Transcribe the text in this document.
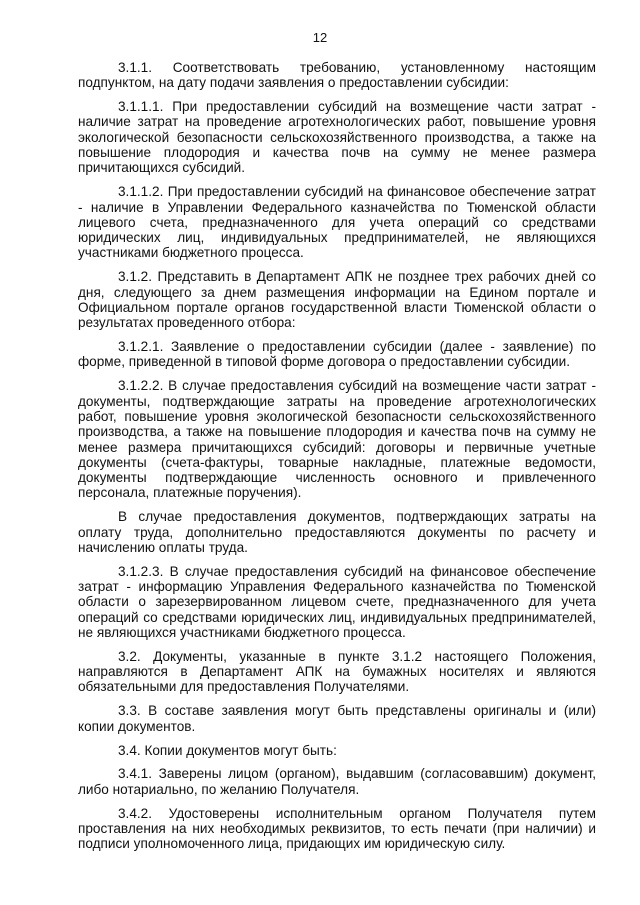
12

3.1.1. Соответствовать требованию, установленному настоящим подпунктом, на дату подачи заявления о предоставлении субсидии:

3.1.1.1. При предоставлении субсидий на возмещение части затрат - наличие затрат на проведение агротехнологических работ, повышение уровня экологической безопасности сельскохозяйственного производства, а также на повышение плодородия и качества почв на сумму не менее размера причитающихся субсидий.

3.1.1.2. При предоставлении субсидий на финансовое обеспечение затрат - наличие в Управлении Федерального казначейства по Тюменской области лицевого счета, предназначенного для учета операций со средствами юридических лиц, индивидуальных предпринимателей, не являющихся участниками бюджетного процесса.

3.1.2. Представить в Департамент АПК не позднее трех рабочих дней со дня, следующего за днем размещения информации на Едином портале и Официальном портале органов государственной власти Тюменской области о результатах проведенного отбора:

3.1.2.1. Заявление о предоставлении субсидии (далее - заявление) по форме, приведенной в типовой форме договора о предоставлении субсидии.

3.1.2.2. В случае предоставления субсидий на возмещение части затрат - документы, подтверждающие затраты на проведение агротехнологических работ, повышение уровня экологической безопасности сельскохозяйственного производства, а также на повышение плодородия и качества почв на сумму не менее размера причитающихся субсидий: договоры и первичные учетные документы (счета-фактуры, товарные накладные, платежные ведомости, документы подтверждающие численность основного и привлеченного персонала, платежные поручения).

В случае предоставления документов, подтверждающих затраты на оплату труда, дополнительно предоставляются документы по расчету и начислению оплаты труда.

3.1.2.3. В случае предоставления субсидий на финансовое обеспечение затрат - информацию Управления Федерального казначейства по Тюменской области о зарезервированном лицевом счете, предназначенного для учета операций со средствами юридических лиц, индивидуальных предпринимателей, не являющихся участниками бюджетного процесса.

3.2. Документы, указанные в пункте 3.1.2 настоящего Положения, направляются в Департамент АПК на бумажных носителях и являются обязательными для предоставления Получателями.

3.3. В составе заявления могут быть представлены оригиналы и (или) копии документов.

3.4. Копии документов могут быть:

3.4.1. Заверены лицом (органом), выдавшим (согласовавшим) документ, либо нотариально, по желанию Получателя.

3.4.2. Удостоверены исполнительным органом Получателя путем проставления на них необходимых реквизитов, то есть печати (при наличии) и подписи уполномоченного лица, придающих им юридическую силу.
